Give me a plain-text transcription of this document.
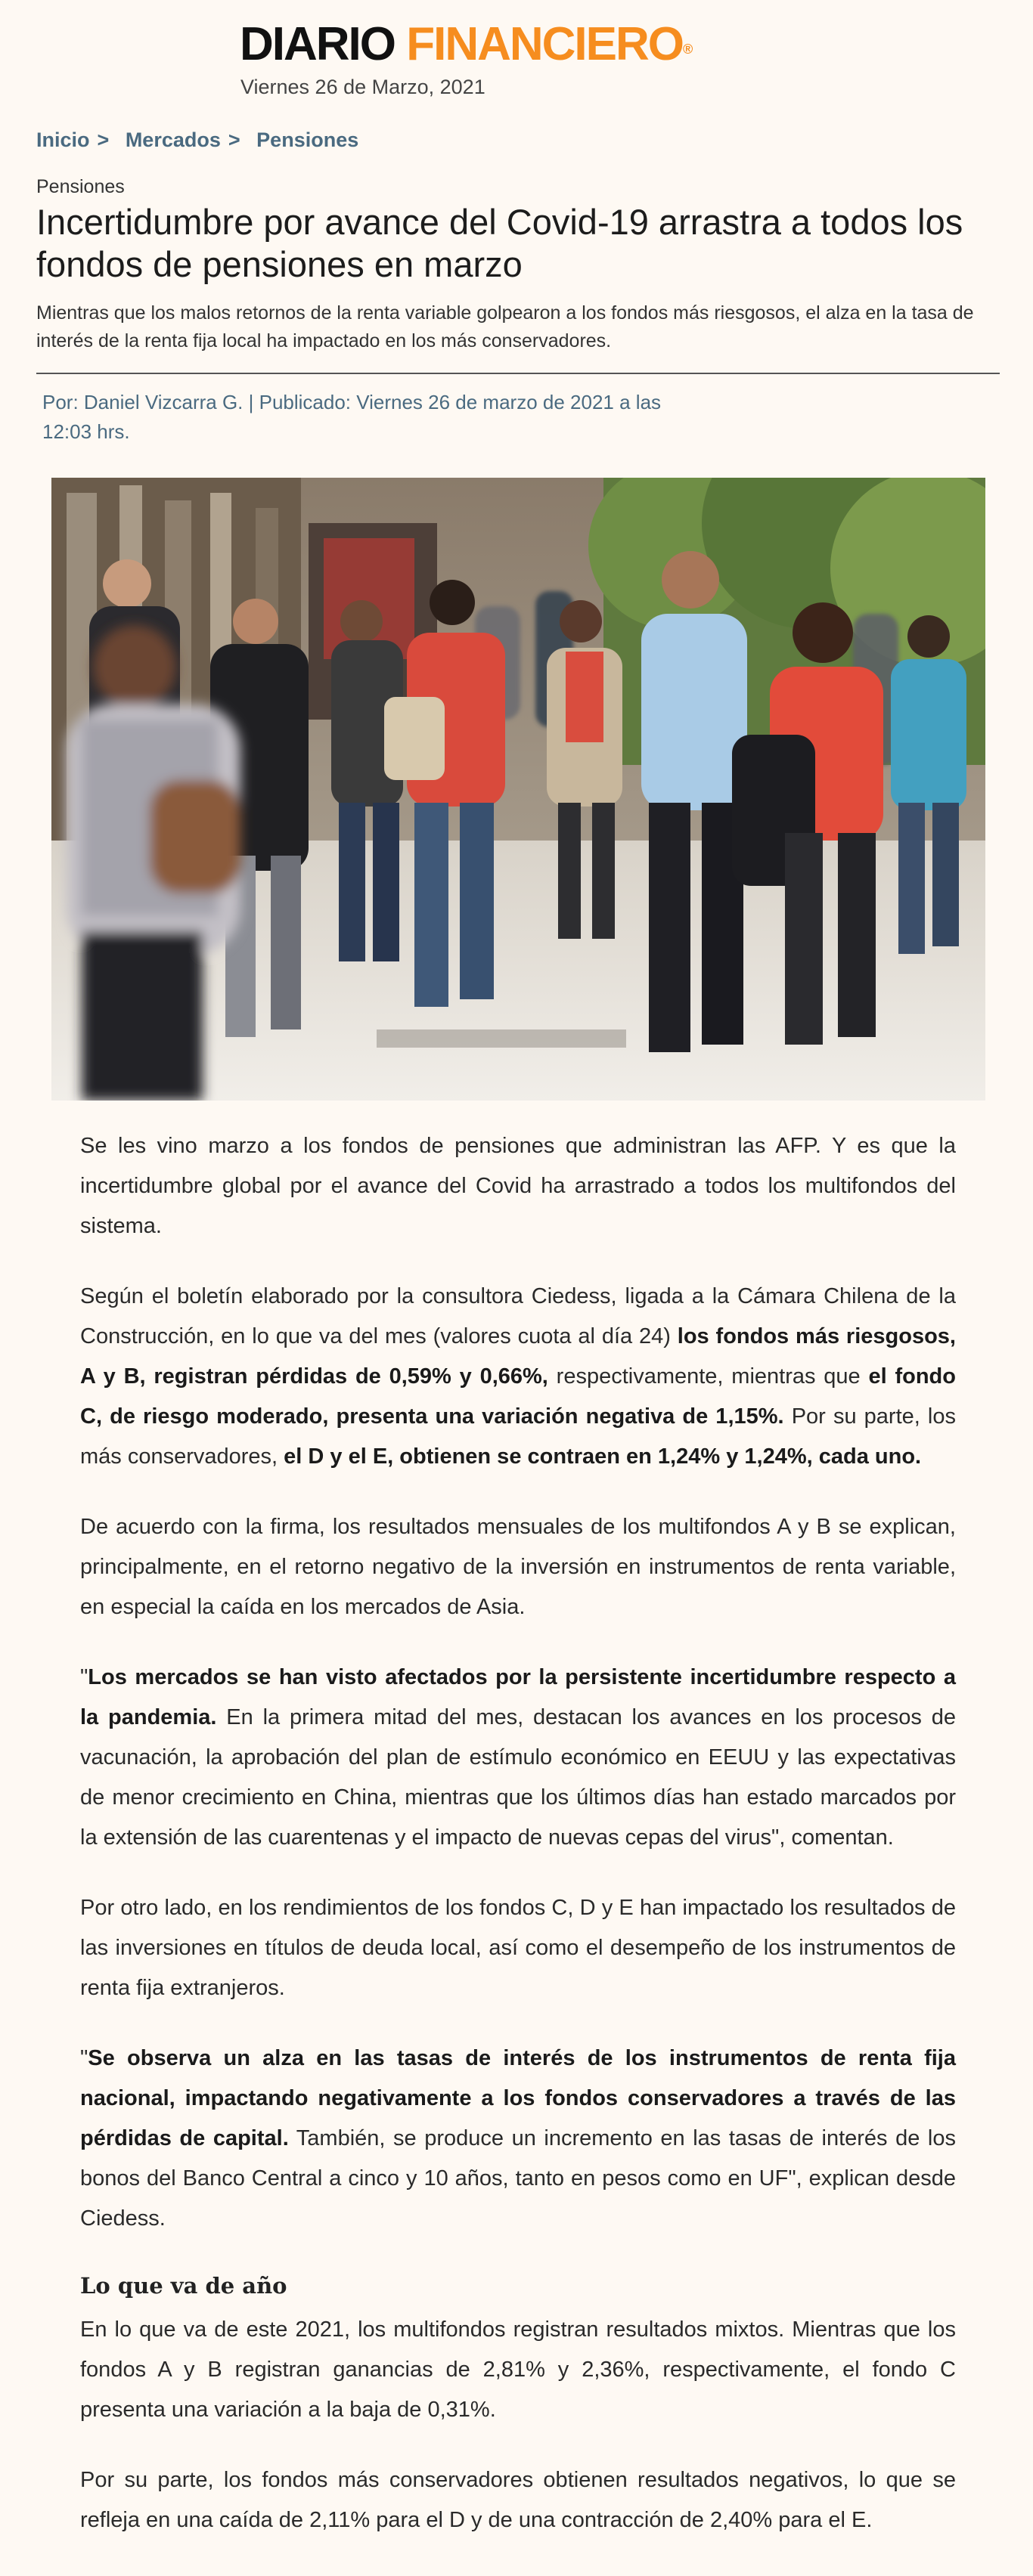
DIARIO FINANCIERO®
Viernes 26 de Marzo, 2021
Inicio > Mercados > Pensiones
Pensiones
Incertidumbre por avance del Covid-19 arrastra a todos los fondos de pensiones en marzo

Mientras que los malos retornos de la renta variable golpearon a los fondos más riesgosos, el alza en la tasa de interés de la renta fija local ha impactado en los más conservadores.

Por: Daniel Vizcarra G. | Publicado: Viernes 26 de marzo de 2021 a las 12:03 hrs.

Se les vino marzo a los fondos de pensiones que administran las AFP. Y es que la incertidumbre global por el avance del Covid ha arrastrado a todos los multifondos del sistema.

Según el boletín elaborado por la consultora Ciedess, ligada a la Cámara Chilena de la Construcción, en lo que va del mes (valores cuota al día 24) los fondos más riesgosos, A y B, registran pérdidas de 0,59% y 0,66%, respectivamente, mientras que el fondo C, de riesgo moderado, presenta una variación negativa de 1,15%. Por su parte, los más conservadores, el D y el E, obtienen se contraen en 1,24% y 1,24%, cada uno.

De acuerdo con la firma, los resultados mensuales de los multifondos A y B se explican, principalmente, en el retorno negativo de la inversión en instrumentos de renta variable, en especial la caída en los mercados de Asia.

"Los mercados se han visto afectados por la persistente incertidumbre respecto a la pandemia. En la primera mitad del mes, destacan los avances en los procesos de vacunación, la aprobación del plan de estímulo económico en EEUU y las expectativas de menor crecimiento en China, mientras que los últimos días han estado marcados por la extensión de las cuarentenas y el impacto de nuevas cepas del virus", comentan.

Por otro lado, en los rendimientos de los fondos C, D y E han impactado los resultados de las inversiones en títulos de deuda local, así como el desempeño de los instrumentos de renta fija extranjeros.

"Se observa un alza en las tasas de interés de los instrumentos de renta fija nacional, impactando negativamente a los fondos conservadores a través de las pérdidas de capital. También, se produce un incremento en las tasas de interés de los bonos del Banco Central a cinco y 10 años, tanto en pesos como en UF", explican desde Ciedess.

Lo que va de año

En lo que va de este 2021, los multifondos registran resultados mixtos. Mientras que los fondos A y B registran ganancias de 2,81% y 2,36%, respectivamente, el fondo C presenta una variación a la baja de 0,31%.

Por su parte, los fondos más conservadores obtienen resultados negativos, lo que se refleja en una caída de 2,11% para el D y de una contracción de 2,40% para el E.
